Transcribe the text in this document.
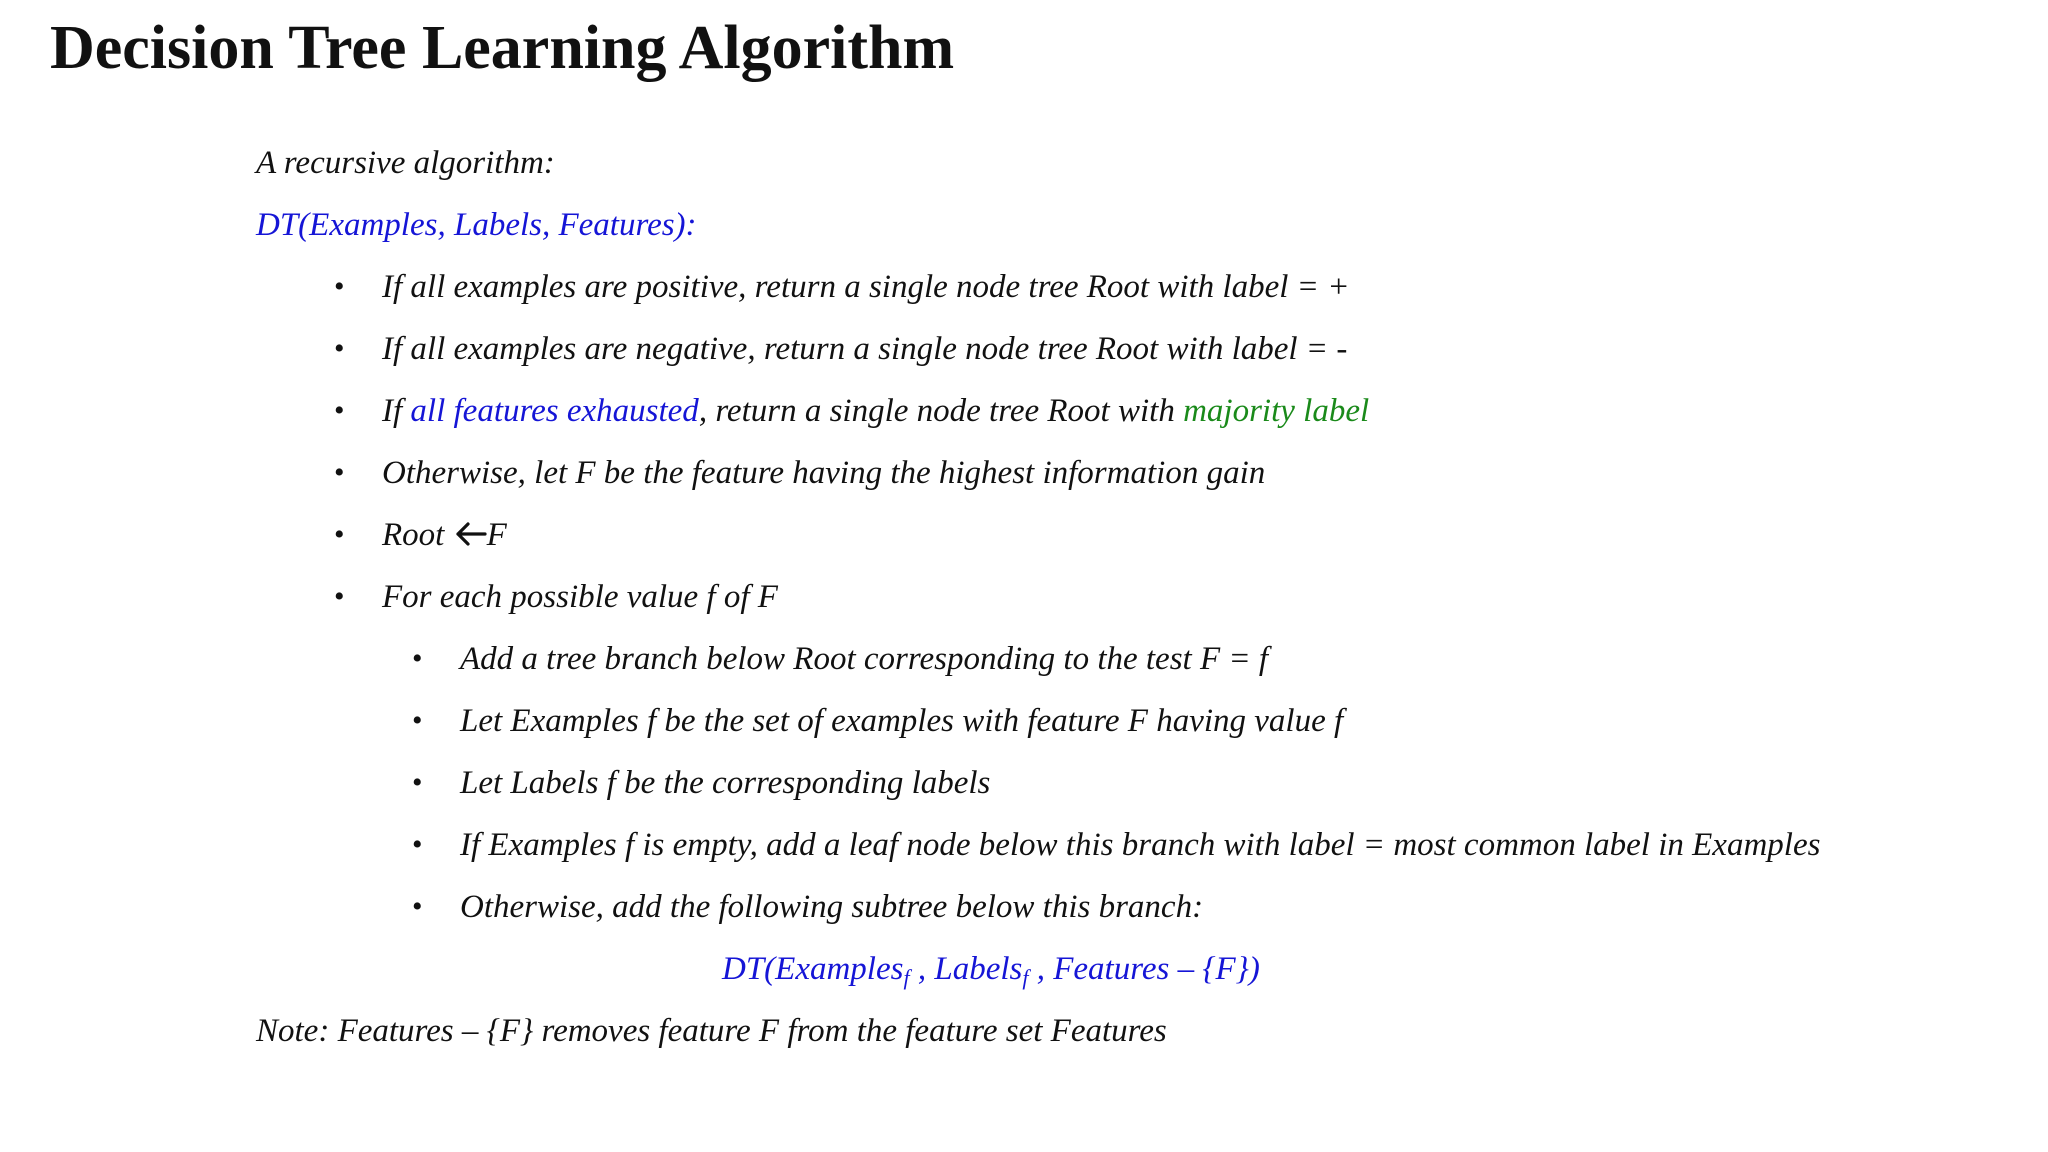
Decision Tree Learning Algorithm
A recursive algorithm:
DT(Examples, Labels, Features):
• If all examples are positive, return a single node tree Root with label = +
• If all examples are negative, return a single node tree Root with label = -
• If all features exhausted, return a single node tree Root with majority label
• Otherwise, let F be the feature having the highest information gain
• Root F
• For each possible value f of F
• Add a tree branch below Root corresponding to the test F = f
• Let Examples f be the set of examples with feature F having value f
• Let Labels f be the corresponding labels
• If Examples f is empty, add a leaf node below this branch with label = most common label in Examples
• Otherwise, add the following subtree below this branch:
DT(Examples$_f$ , Labels$_f$ , Features – {F})
Note: Features – {F} removes feature F from the feature set Features
